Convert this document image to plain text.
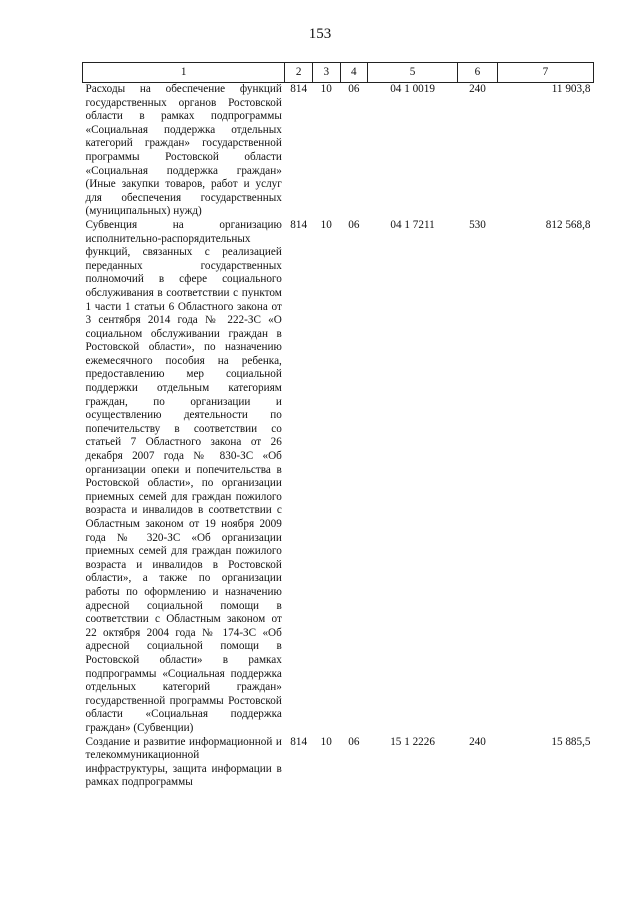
153
1	2	3	4	5	6	7
Расходы на обеспечение функций государственных органов Ростовской области в рамках подпрограммы «Социальная поддержка отдельных категорий граждан» государственной программы Ростовской области «Социальная поддержка граждан» (Иные закупки товаров, работ и услуг для обеспечения государственных (муниципальных) нужд)	814	10	06	04 1 0019	240	11 903,8
Субвенция на организацию исполнительно-распорядительных функций, связанных с реализацией переданных государственных полномочий в сфере социального обслуживания в соответствии с пунктом 1 части 1 статьи 6 Областного закона от 3 сентября 2014 года № 222-ЗС «О социальном обслуживании граждан в Ростовской области», по назначению ежемесячного пособия на ребенка, предоставлению мер социальной поддержки отдельным категориям граждан, по организации и осуществлению деятельности по попечительству в соответствии со статьей 7 Областного закона от 26 декабря 2007 года № 830-ЗС «Об организации опеки и попечительства в Ростовской области», по организации приемных семей для граждан пожилого возраста и инвалидов в соответствии с Областным законом от 19 ноября 2009 года № 320-ЗС «Об организации приемных семей для граждан пожилого возраста и инвалидов в Ростовской области», а также по организации работы по оформлению и назначению адресной социальной помощи в соответствии с Областным законом от 22 октября 2004 года № 174-ЗС «Об адресной социальной помощи в Ростовской области» в рамках подпрограммы «Социальная поддержка отдельных категорий граждан» государственной программы Ростовской области «Социальная поддержка граждан» (Субвенции)	814	10	06	04 1 7211	530	812 568,8
Создание и развитие информационной и телекоммуникационной инфраструктуры, защита информации в рамках подпрограммы	814	10	06	15 1 2226	240	15 885,5
